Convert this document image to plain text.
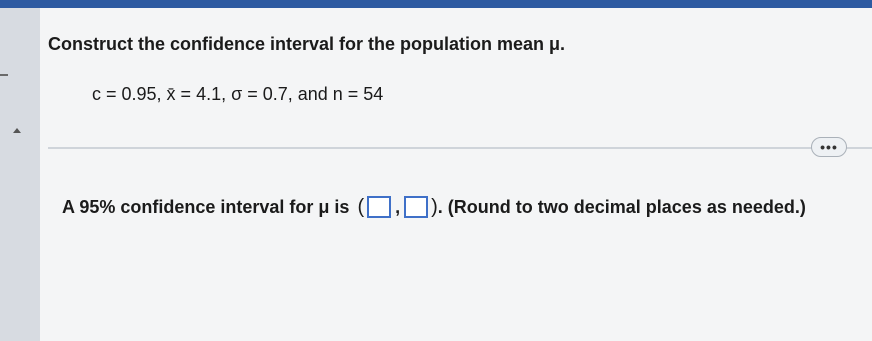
Construct the confidence interval for the population mean μ.
c = 0.95, x̄ = 4.1, σ = 0.7, and n = 54
•••
A 95% confidence interval for μ is ( , ) . (Round to two decimal places as needed.)
